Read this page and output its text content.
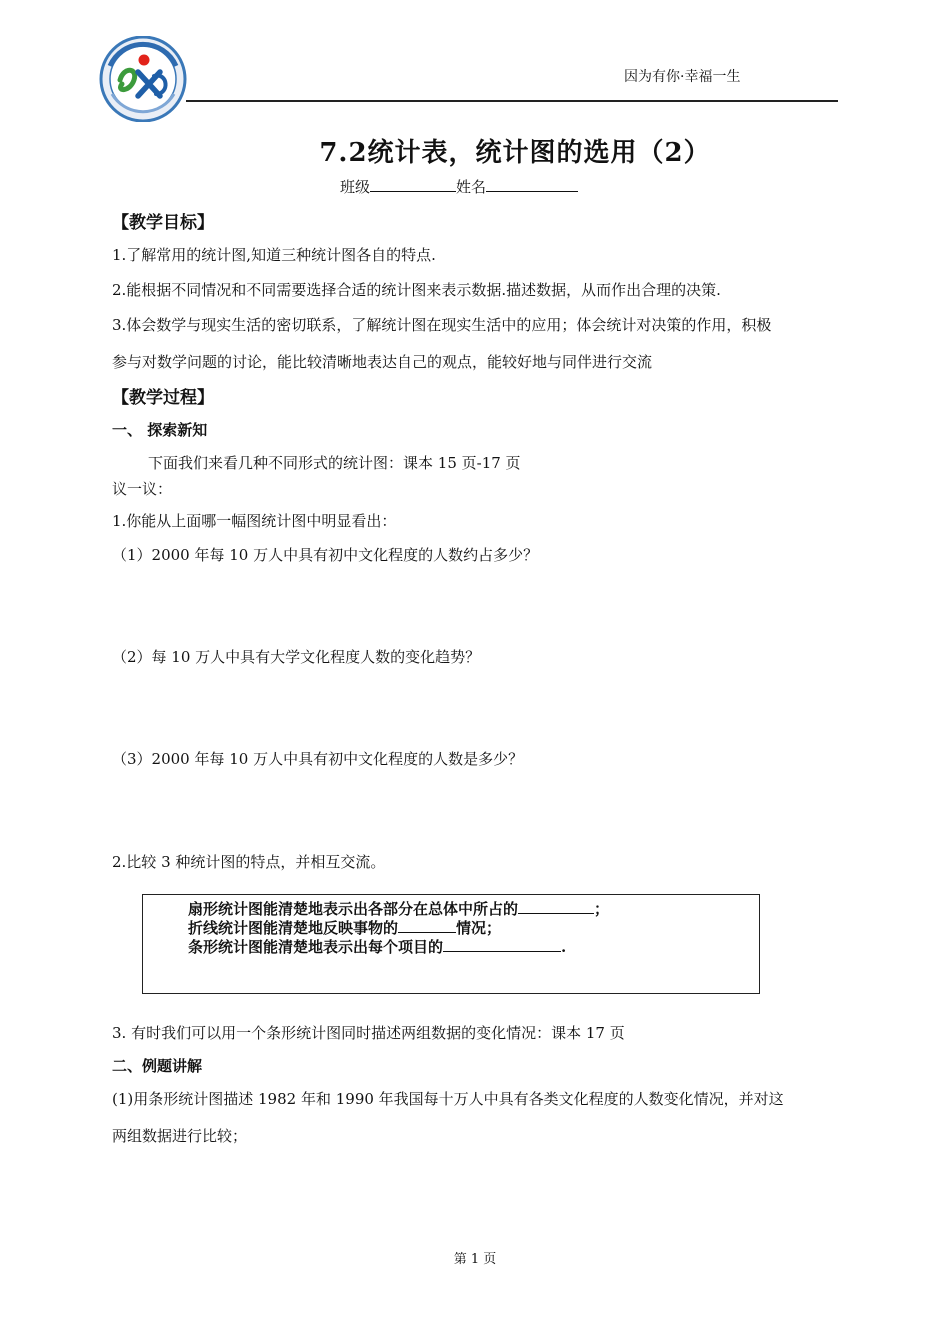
因为有你·幸福一生
7.2统计表，统计图的选用（2）
班级	姓名
【教学目标】
1.了解常用的统计图,知道三种统计图各自的特点.
2.能根据不同情况和不同需要选择合适的统计图来表示数据.描述数据，从而作出合理的决策.
3.体会数学与现实生活的密切联系，了解统计图在现实生活中的应用；体会统计对决策的作用，积极
参与对数学问题的讨论，能比较清晰地表达自己的观点，能较好地与同伴进行交流
【教学过程】
一、 探索新知
下面我们来看几种不同形式的统计图：课本 15 页-17 页
议一议：
1.你能从上面哪一幅图统计图中明显看出：
（1）2000 年每 10 万人中具有初中文化程度的人数约占多少？
（2）每 10 万人中具有大学文化程度人数的变化趋势？
（3）2000 年每 10 万人中具有初中文化程度的人数是多少？
2.比较 3 种统计图的特点，并相互交流。
扇形统计图能清楚地表示出各部分在总体中所占的	；
折线统计图能清楚地反映事物的	情况；
条形统计图能清楚地表示出每个项目的	.
3. 有时我们可以用一个条形统计图同时描述两组数据的变化情况：课本 17 页
二、例题讲解
(1)用条形统计图描述 1982 年和 1990 年我国每十万人中具有各类文化程度的人数变化情况，并对这
两组数据进行比较；
第 1 页
